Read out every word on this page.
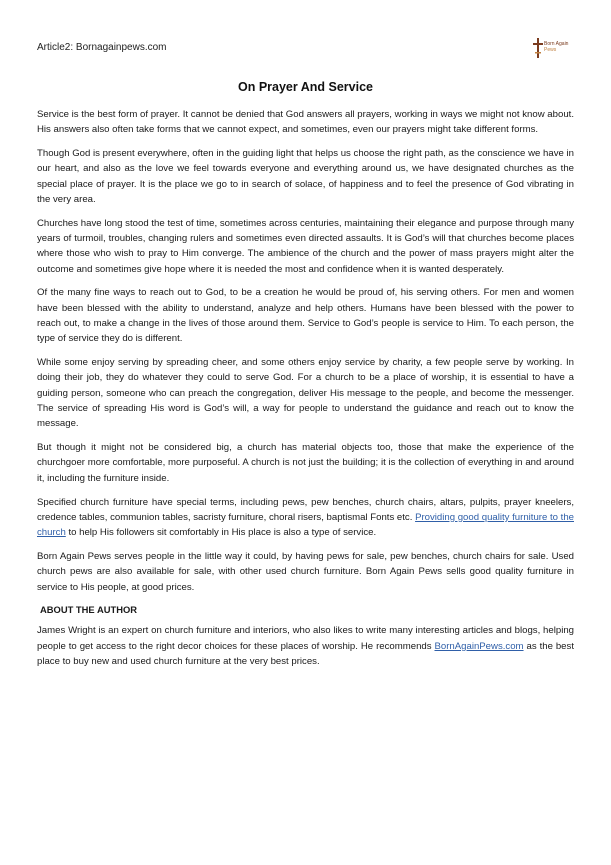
Article2: Bornagainpews.com	Born Again
Pews
On Prayer And Service

Service is the best form of prayer. It cannot be denied that God answers all prayers, working in ways we might not know about. His answers also often take forms that we cannot expect, and sometimes, even our prayers might take different forms.

Though God is present everywhere, often in the guiding light that helps us choose the right path, as the conscience we have in our heart, and also as the love we feel towards everyone and everything around us, we have designated churches as the special place of prayer. It is the place we go to in search of solace, of happiness and to feel the presence of God vibrating in the very area.

Churches have long stood the test of time, sometimes across centuries, maintaining their elegance and purpose through many years of turmoil, troubles, changing rulers and sometimes even directed assaults. It is God’s will that churches become places where those who wish to pray to Him converge. The ambience of the church and the power of mass prayers might alter the outcome and sometimes give hope where it is needed the most and confidence when it is wanted desperately.

Of the many fine ways to reach out to God, to be a creation he would be proud of, his serving others. For men and women have been blessed with the ability to understand, analyze and help others. Humans have been blessed with the power to reach out, to make a change in the lives of those around them. Service to God’s people is service to Him. To each person, the type of service they do is different.

While some enjoy serving by spreading cheer, and some others enjoy service by charity, a few people serve by working. In doing their job, they do whatever they could to serve God. For a church to be a place of worship, it is essential to have a guiding person, someone who can preach the congregation, deliver His message to the people, and become the messenger. The service of spreading His word is God’s will, a way for people to understand the guidance and reach out to know the message.

But though it might not be considered big, a church has material objects too, those that make the experience of the churchgoer more comfortable, more purposeful. A church is not just the building; it is the collection of everything in and around it, including the furniture inside.

Specified church furniture have special terms, including pews, pew benches, church chairs, altars, pulpits, prayer kneelers, credence tables, communion tables, sacristy furniture, choral risers, baptismal Fonts etc. Providing good quality furniture to the church to help His followers sit comfortably in His place is also a type of service.

Born Again Pews serves people in the little way it could, by having pews for sale, pew benches, church chairs for sale. Used church pews are also available for sale, with other used church furniture. Born Again Pews sells good quality furniture in service to His people, at good prices.

ABOUT THE AUTHOR

James Wright is an expert on church furniture and interiors, who also likes to write many interesting articles and blogs, helping people to get access to the right decor choices for these places of worship. He recommends BornAgainPews.com as the best place to buy new and used church furniture at the very best prices.
